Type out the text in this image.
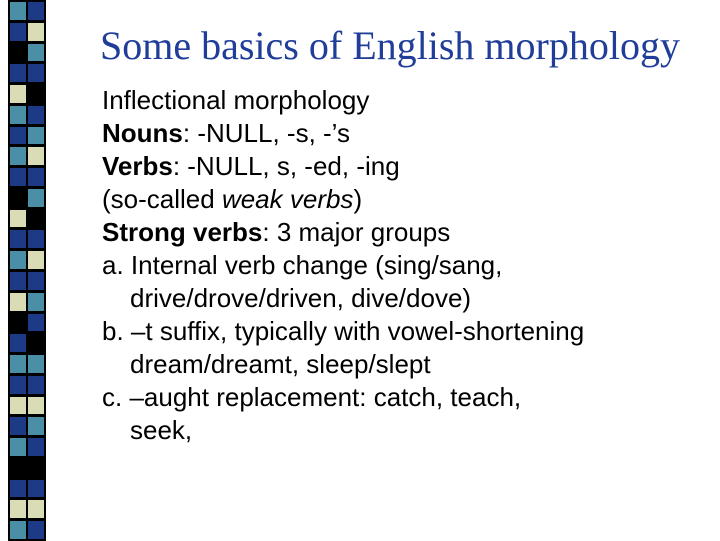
Some basics of English morphology
Inflectional morphology
Nouns: -NULL, -s, -’s
Verbs: -NULL, s, -ed, -ing
(so-called weak verbs)
Strong verbs: 3 major groups
a. Internal verb change (sing/sang,
drive/drove/driven, dive/dove)
b. –t suffix, typically with vowel-shortening
dream/dreamt, sleep/slept
c. –aught replacement: catch, teach,
seek,
